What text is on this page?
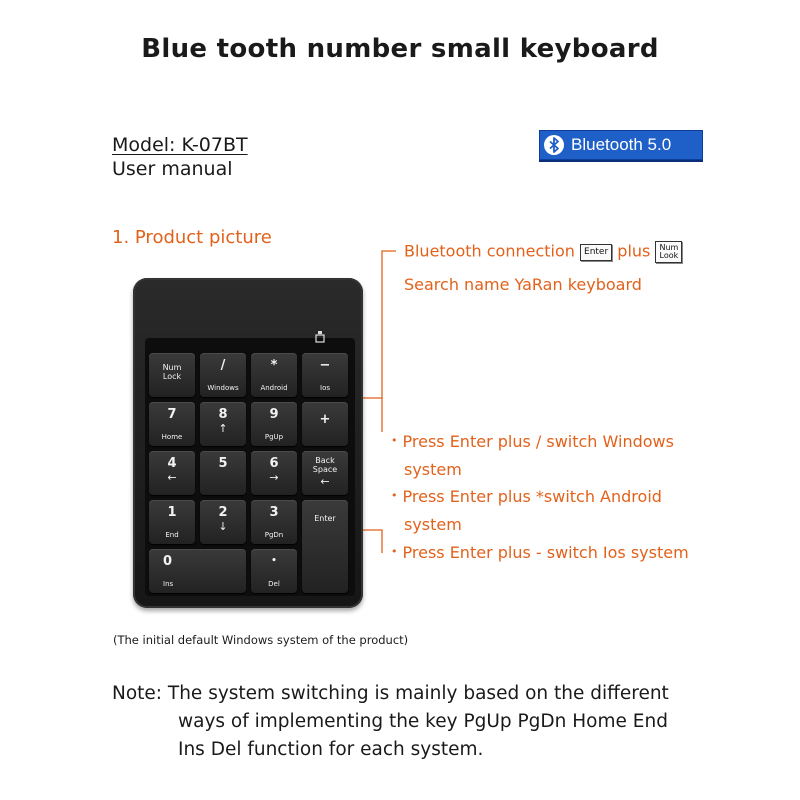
Blue tooth number small keyboard
Model: K-07BT
User manual
Bluetooth 5.0
1. Product picture
Bluetooth connection Enter plus Num
Look
Search name YaRan keyboard
• Press Enter plus / switch Windows
system
• Press Enter plus *switch Android
system
• Press Enter plus - switch Ios system
Num
Lock
/
Windows
*
Android
−
Ios
7
Home
8
↑
9
PgUp
+
4
←
5	6
→
Back
Space
←
1
End
2
↓
3
PgDn
Enter
0
Ins
•
Del
(The initial default Windows system of the product)
Note: The system switching is mainly based on the different
ways of implementing the key PgUp PgDn Home End
Ins Del function for each system.
